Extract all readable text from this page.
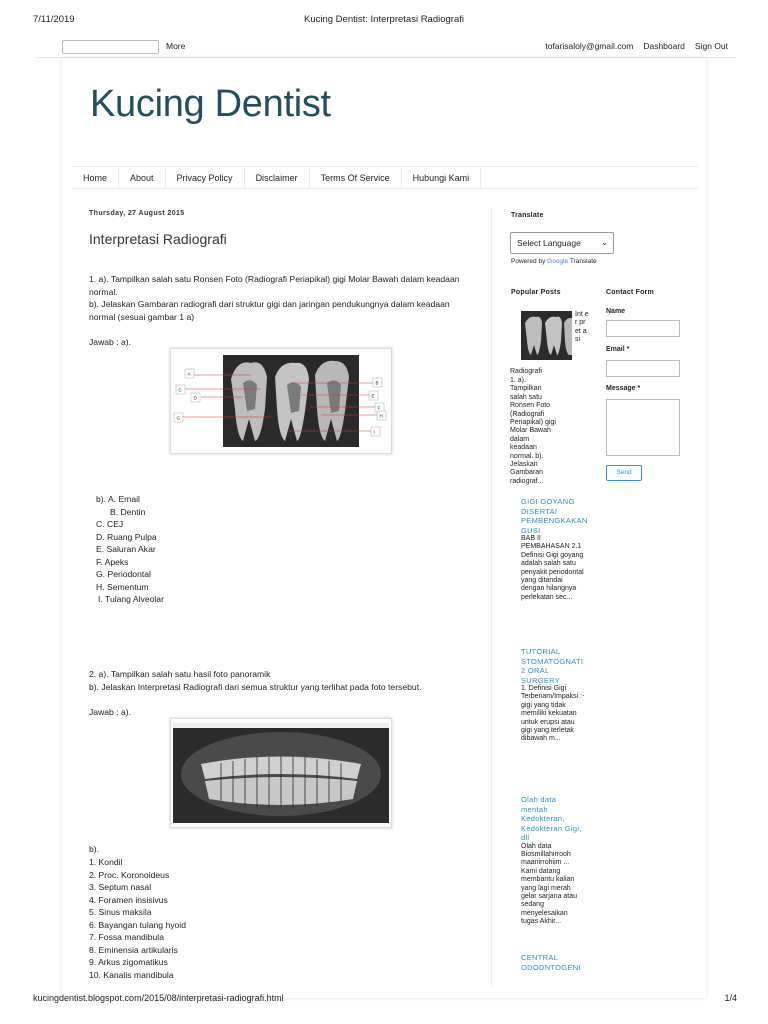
7/11/2019	Kucing Dentist: Interpretasi Radiografi
More	tofarisaloly@gmail.com Dashboard Sign Out
Kucing Dentist
Home	About	Privacy Policy	Disclaimer	Terms Of Service	Hubungi Kami
Thursday, 27 August 2015
Interpretasi Radiografi
1. a). Tampilkan salah satu Ronsen Foto (Radiografi Periapikal) gigi Molar Bawah dalam keadaan normal.
b). Jelaskan Gambaran radiografi dari struktur gigi dan jaringan pendukungnya dalam keadaan normal (sesuai gambar 1 a)
Jawab : a).
A
B
C
D	E
F
G	H
I
b). A. Email
B. Dentin
C. CEJ
D. Ruang Pulpa
E. Saluran Akar
F. Apeks
G. Periodontal
H. Sementum
I. Tulang Alveolar
2. a). Tampilkan salah satu hasil foto panoramik
b). Jelaskan Interpretasi Radiografi dari semua struktur yang terlihat pada foto tersebut.
Jawab : a).
b).
1. Kondil
2. Proc. Koronoideus
3. Septum nasal
4. Foramen insisivus
5. Sinus maksila
6. Bayangan tulang hyoid
7. Fossa mandibula
8. Eminensia artikularis
9. Arkus zigomatikus
10. Kanalis mandibula
Translate
Select Language	⌄
Powered by Google Translate
Popular Posts
Int er pr et a si
Radiografi
1. a). Tampilkan salah satu Ronsen Foto (Radiografi Periapikal) gigi Molar Bawah dalam keadaan normal. b). Jelaskan Gambaran radiograf...
GIGI GOYANG DISERTAI PEMBENGKAKAN GUSI
BAB II PEMBAHASAN 2.1 Definisi Gigi goyang adalah salah satu penyakit periodontal yang ditandai dengan hilangnya perlekatan sec...
TUTORIAL STOMATOGNATI 2 ORAL SURGERY
1. Definisi Gigi Terbenam/Impaksi :- gigi yang tidak memiliki kekuatan untuk erupsi atau gigi yang terletak dibawah m...
Olah data mentah Kedokteran, Kedokteran Gigi, dll
Olah data Biosmillahirrooh maanirrohiim ... Kami datang membantu kalian yang lagi merah gelar sarjana atau sedang menyelesaikan tugas Akhir...
CENTRAL ODODNTOGENI
Contact Form
Name
Email *
Message *
Send
kucingdentist.blogspot.com/2015/08/interpretasi-radiografi.html	1/4
